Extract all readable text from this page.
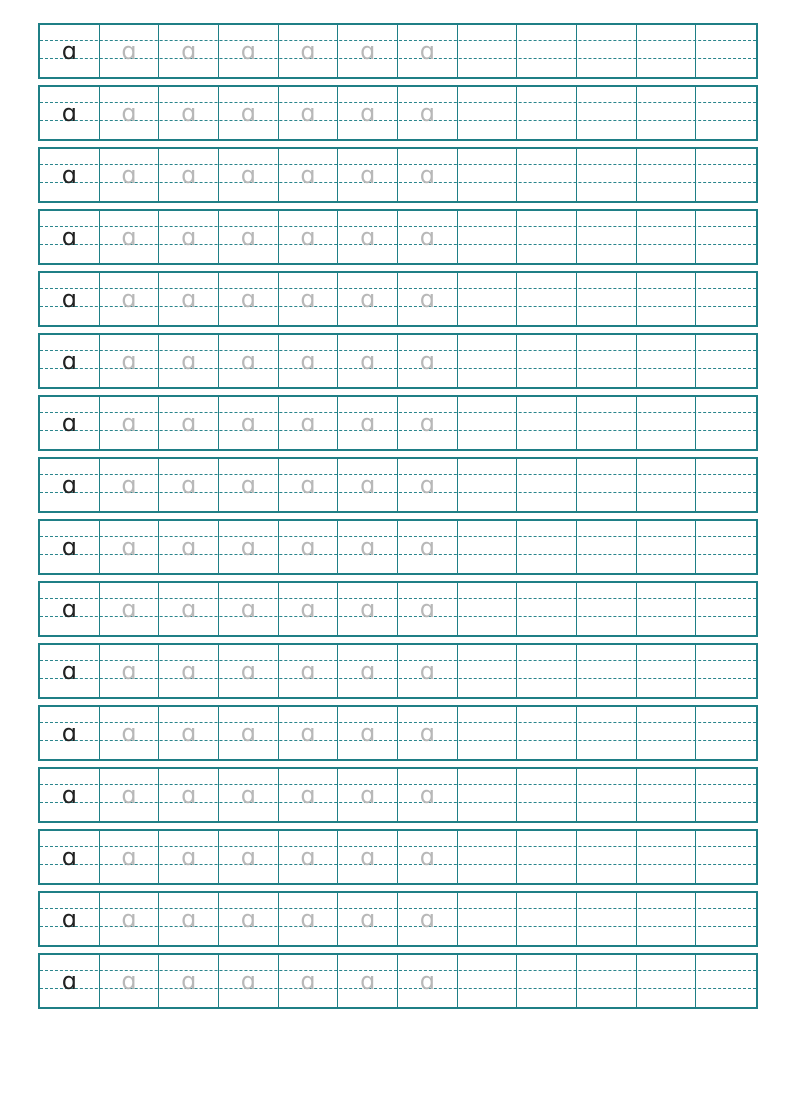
ɑ	ɑ	ɑ	ɑ	ɑ	ɑ	ɑ
ɑ	ɑ	ɑ	ɑ	ɑ	ɑ	ɑ
ɑ	ɑ	ɑ	ɑ	ɑ	ɑ	ɑ
ɑ	ɑ	ɑ	ɑ	ɑ	ɑ	ɑ
ɑ	ɑ	ɑ	ɑ	ɑ	ɑ	ɑ
ɑ	ɑ	ɑ	ɑ	ɑ	ɑ	ɑ
ɑ	ɑ	ɑ	ɑ	ɑ	ɑ	ɑ
ɑ	ɑ	ɑ	ɑ	ɑ	ɑ	ɑ
ɑ	ɑ	ɑ	ɑ	ɑ	ɑ	ɑ
ɑ	ɑ	ɑ	ɑ	ɑ	ɑ	ɑ
ɑ	ɑ	ɑ	ɑ	ɑ	ɑ	ɑ
ɑ	ɑ	ɑ	ɑ	ɑ	ɑ	ɑ
ɑ	ɑ	ɑ	ɑ	ɑ	ɑ	ɑ
ɑ	ɑ	ɑ	ɑ	ɑ	ɑ	ɑ
ɑ	ɑ	ɑ	ɑ	ɑ	ɑ	ɑ
ɑ	ɑ	ɑ	ɑ	ɑ	ɑ	ɑ
